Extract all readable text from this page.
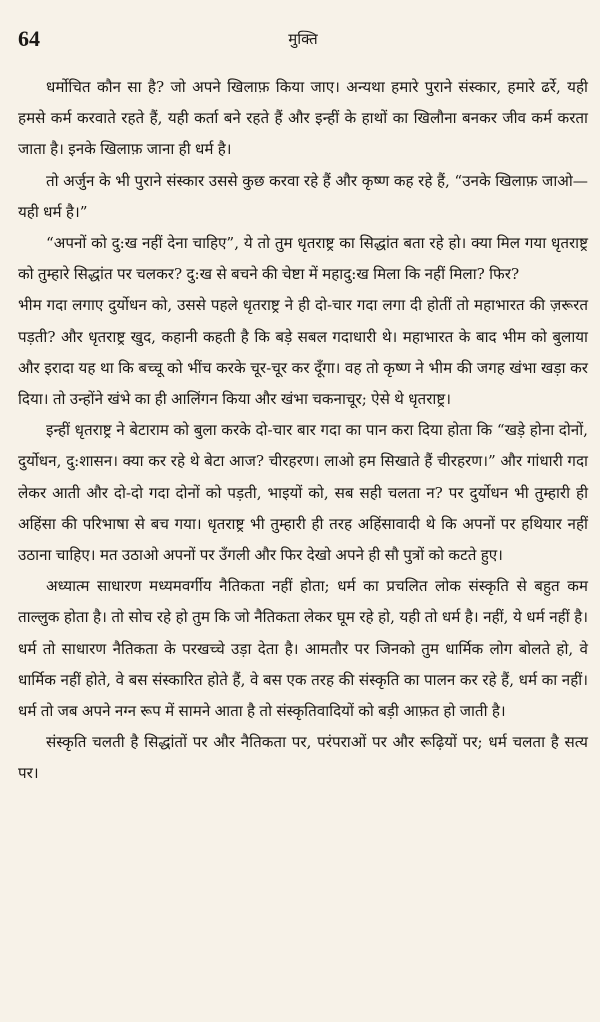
64	मुक्ति

धर्मोचित कौन सा है? जो अपने खिलाफ़ किया जाए। अन्यथा हमारे पुराने संस्कार, हमारे ढर्रे, यही हमसे कर्म करवाते रहते हैं, यही कर्ता बने रहते हैं और इन्हीं के हाथों का खिलौना बनकर जीव कर्म करता जाता है। इनके खिलाफ़ जाना ही धर्म है।

तो अर्जुन के भी पुराने संस्कार उससे कुछ करवा रहे हैं और कृष्ण कह रहे हैं, “उनके खिलाफ़ जाओ—यही धर्म है।”

“अपनों को दु:ख नहीं देना चाहिए”, ये तो तुम धृतराष्ट्र का सिद्धांत बता रहे हो। क्या मिल गया धृतराष्ट्र को तुम्हारे सिद्धांत पर चलकर? दु:ख से बचने की चेष्टा में महादु:ख मिला कि नहीं मिला? फिर?

भीम गदा लगाए दुर्योधन को, उससे पहले धृतराष्ट्र ने ही दो-चार गदा लगा दी होतीं तो महाभारत की ज़रूरत पड़ती? और धृतराष्ट्र खुद, कहानी कहती है कि बड़े सबल गदाधारी थे। महाभारत के बाद भीम को बुलाया और इरादा यह था कि बच्चू को भींच करके चूर-चूर कर दूँगा। वह तो कृष्ण ने भीम की जगह खंभा खड़ा कर दिया। तो उन्होंने खंभे का ही आलिंगन किया और खंभा चकनाचूर; ऐसे थे धृतराष्ट्र।

इन्हीं धृतराष्ट्र ने बेटाराम को बुला करके दो-चार बार गदा का पान करा दिया होता कि “खड़े होना दोनों, दुर्योधन, दु:शासन। क्या कर रहे थे बेटा आज? चीरहरण। लाओ हम सिखाते हैं चीरहरण।” और गांधारी गदा लेकर आती और दो-दो गदा दोनों को पड़ती, भाइयों को, सब सही चलता न? पर दुर्योधन भी तुम्हारी ही अहिंसा की परिभाषा से बच गया। धृतराष्ट्र भी तुम्हारी ही तरह अहिंसावादी थे कि अपनों पर हथियार नहीं उठाना चाहिए। मत उठाओ अपनों पर उँगली और फिर देखो अपने ही सौ पुत्रों को कटते हुए।

अध्यात्म साधारण मध्यमवर्गीय नैतिकता नहीं होता; धर्म का प्रचलित लोक संस्कृति से बहुत कम ताल्लुक होता है। तो सोच रहे हो तुम कि जो नैतिकता लेकर घूम रहे हो, यही तो धर्म है। नहीं, ये धर्म नहीं है। धर्म तो साधारण नैतिकता के परखच्चे उड़ा देता है। आमतौर पर जिनको तुम धार्मिक लोग बोलते हो, वे धार्मिक नहीं होते, वे बस संस्कारित होते हैं, वे बस एक तरह की संस्कृति का पालन कर रहे हैं, धर्म का नहीं। धर्म तो जब अपने नग्न रूप में सामने आता है तो संस्कृतिवादियों को बड़ी आफ़त हो जाती है।

संस्कृति चलती है सिद्धांतों पर और नैतिकता पर, परंपराओं पर और रूढ़ियों पर; धर्म चलता है सत्य पर।
